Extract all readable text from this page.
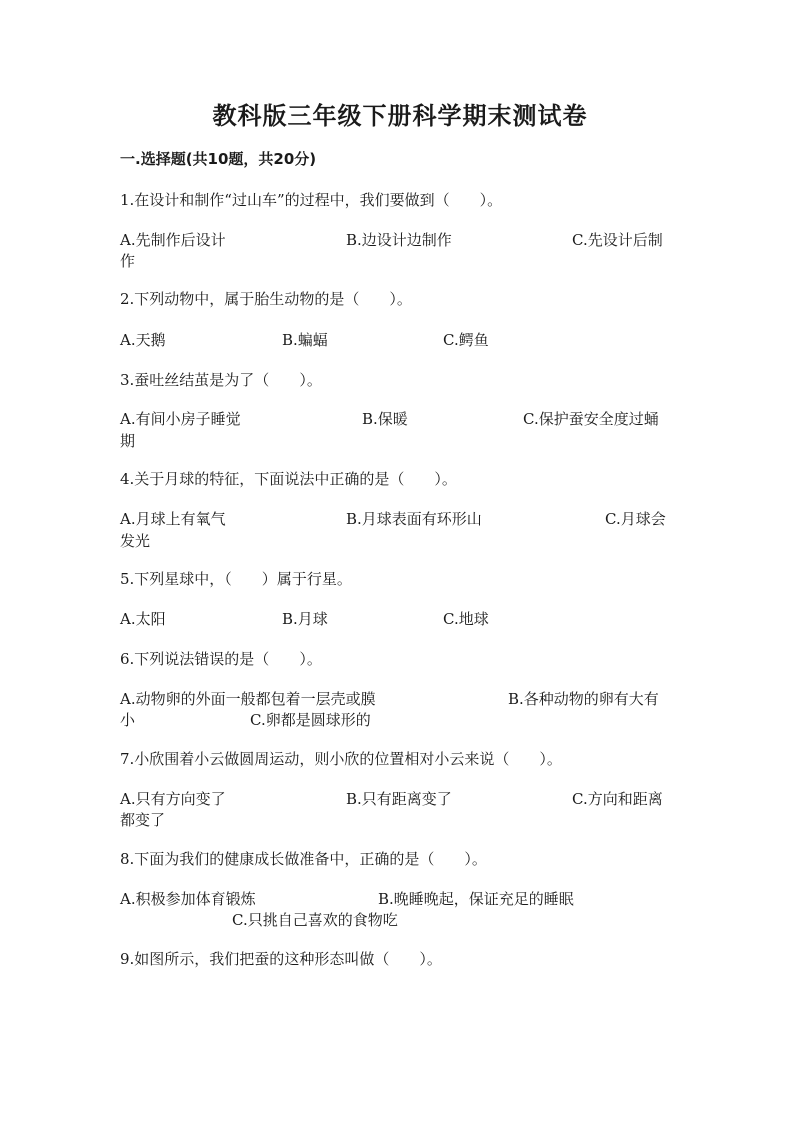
教科版三年级下册科学期末测试卷
一.选择题(共10题，共20分)
1.在设计和制作“过山车”的过程中，我们要做到（　　）。
A.先制作后设计	B.边设计边制作	C.先设计后制
作
2.下列动物中，属于胎生动物的是（　　）。
A.天鹅	B.蝙蝠	C.鳄鱼
3.蚕吐丝结茧是为了（　　）。
A.有间小房子睡觉	B.保暖	C.保护蚕安全度过蛹
期
4.关于月球的特征，下面说法中正确的是（　　）。
A.月球上有氧气	B.月球表面有环形山	C.月球会
发光
5.下列星球中，（　　）属于行星。
A.太阳	B.月球	C.地球
6.下列说法错误的是（　　）。
A.动物卵的外面一般都包着一层壳或膜	B.各种动物的卵有大有
小	C.卵都是圆球形的
7.小欣围着小云做圆周运动，则小欣的位置相对小云来说（　　）。
A.只有方向变了	B.只有距离变了	C.方向和距离
都变了
8.下面为我们的健康成长做准备中，正确的是（　　）。
A.积极参加体育锻炼	B.晚睡晚起，保证充足的睡眠
C.只挑自己喜欢的食物吃
9.如图所示，我们把蚕的这种形态叫做（　　）。
